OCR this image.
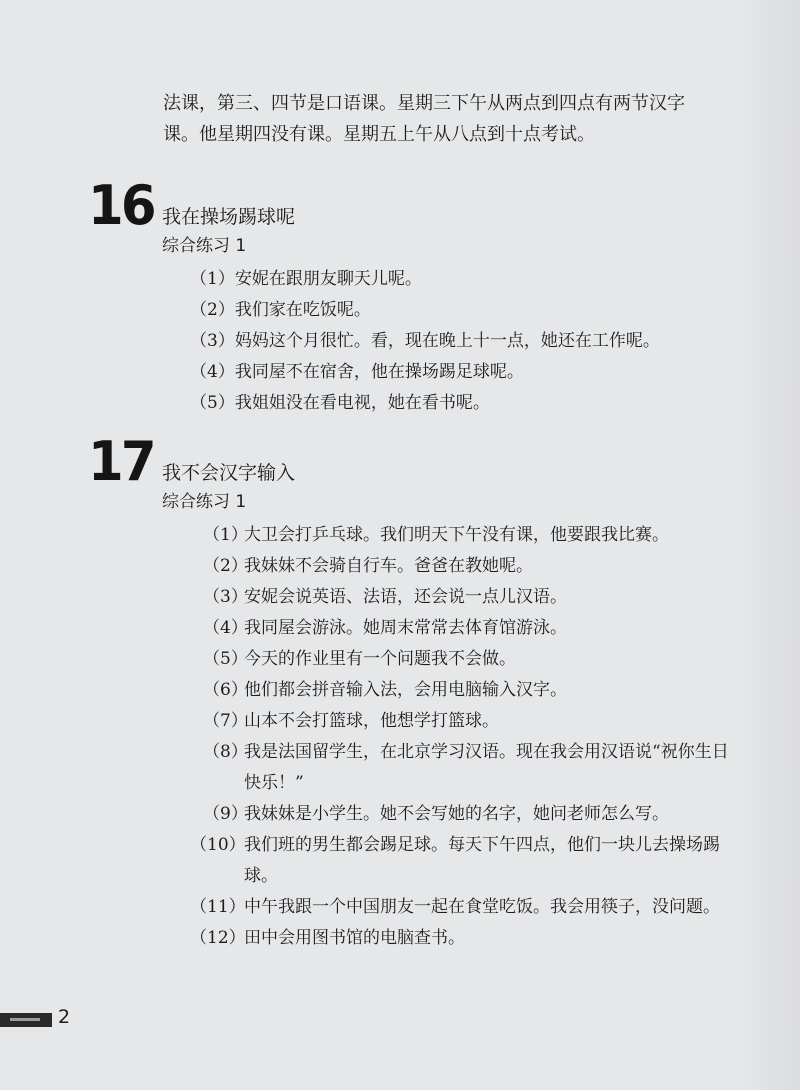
法课，第三、四节是口语课。星期三下午从两点到四点有两节汉字

课。他星期四没有课。星期五上午从八点到十点考试。

16 我在操场踢球呢
综合练习 1
（1） 安妮在跟朋友聊天儿呢。
（2） 我们家在吃饭呢。
（3） 妈妈这个月很忙。看，现在晚上十一点，她还在工作呢。
（4） 我同屋不在宿舍，他在操场踢足球呢。
（5） 我姐姐没在看电视，她在看书呢。
17 我不会汉字输入
综合练习 1
（1）
大卫会打乒乓球。我们明天下午没有课，他要跟我比赛。
（2）
我妹妹不会骑自行车。爸爸在教她呢。
（3）
安妮会说英语、法语，还会说一点儿汉语。
（4）
我同屋会游泳。她周末常常去体育馆游泳。
（5）
今天的作业里有一个问题我不会做。
（6）
他们都会拼音输入法，会用电脑输入汉字。
（7）
山本不会打篮球，他想学打篮球。
（8）
我是法国留学生，在北京学习汉语。现在我会用汉语说“祝你生日快乐！”
（9）
我妹妹是小学生。她不会写她的名字，她问老师怎么写。
（10）
我们班的男生都会踢足球。每天下午四点，他们一块儿去操场踢球。
（11）
中午我跟一个中国朋友一起在食堂吃饭。我会用筷子，没问题。
（12）
田中会用图书馆的电脑查书。
2
